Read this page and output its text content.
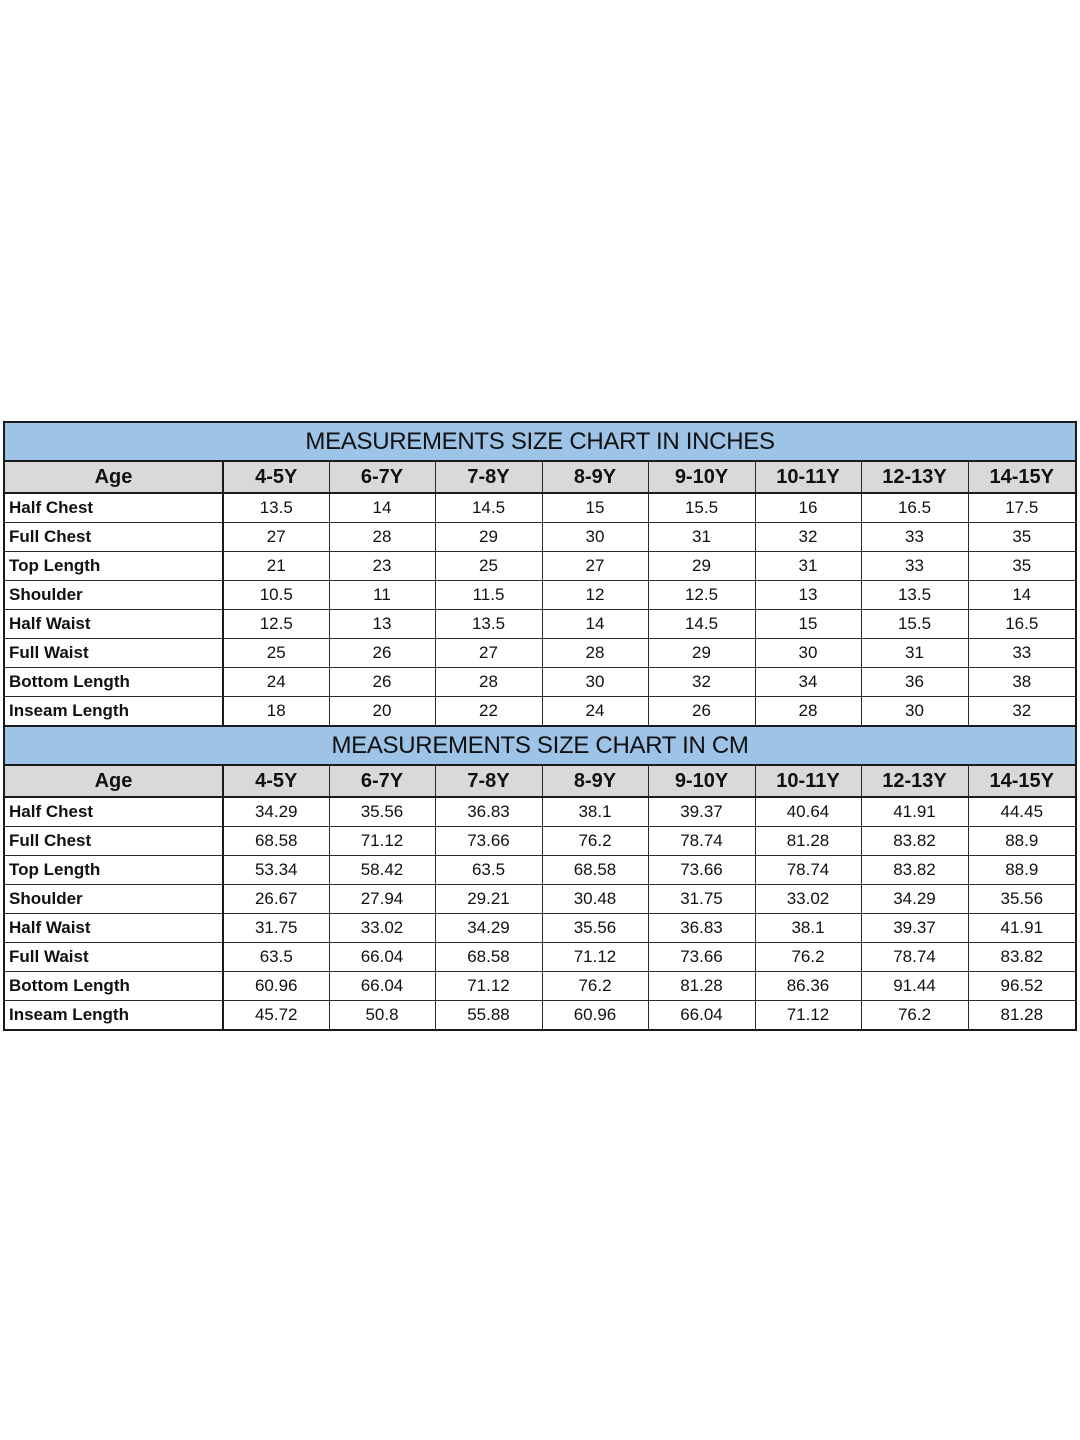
MEASUREMENTS SIZE CHART IN INCHES								
Age	4-5Y	6-7Y	7-8Y	8-9Y	9-10Y	10-11Y	12-13Y	14-15Y
Half Chest	13.5	14	14.5	15	15.5	16	16.5	17.5
Full Chest	27	28	29	30	31	32	33	35
Top Length	21	23	25	27	29	31	33	35
Shoulder	10.5	11	11.5	12	12.5	13	13.5	14
Half Waist	12.5	13	13.5	14	14.5	15	15.5	16.5
Full Waist	25	26	27	28	29	30	31	33
Bottom Length	24	26	28	30	32	34	36	38
Inseam Length	18	20	22	24	26	28	30	32
MEASUREMENTS SIZE CHART IN CM								
Age	4-5Y	6-7Y	7-8Y	8-9Y	9-10Y	10-11Y	12-13Y	14-15Y
Half Chest	34.29	35.56	36.83	38.1	39.37	40.64	41.91	44.45
Full Chest	68.58	71.12	73.66	76.2	78.74	81.28	83.82	88.9
Top Length	53.34	58.42	63.5	68.58	73.66	78.74	83.82	88.9
Shoulder	26.67	27.94	29.21	30.48	31.75	33.02	34.29	35.56
Half Waist	31.75	33.02	34.29	35.56	36.83	38.1	39.37	41.91
Full Waist	63.5	66.04	68.58	71.12	73.66	76.2	78.74	83.82
Bottom Length	60.96	66.04	71.12	76.2	81.28	86.36	91.44	96.52
Inseam Length	45.72	50.8	55.88	60.96	66.04	71.12	76.2	81.28
